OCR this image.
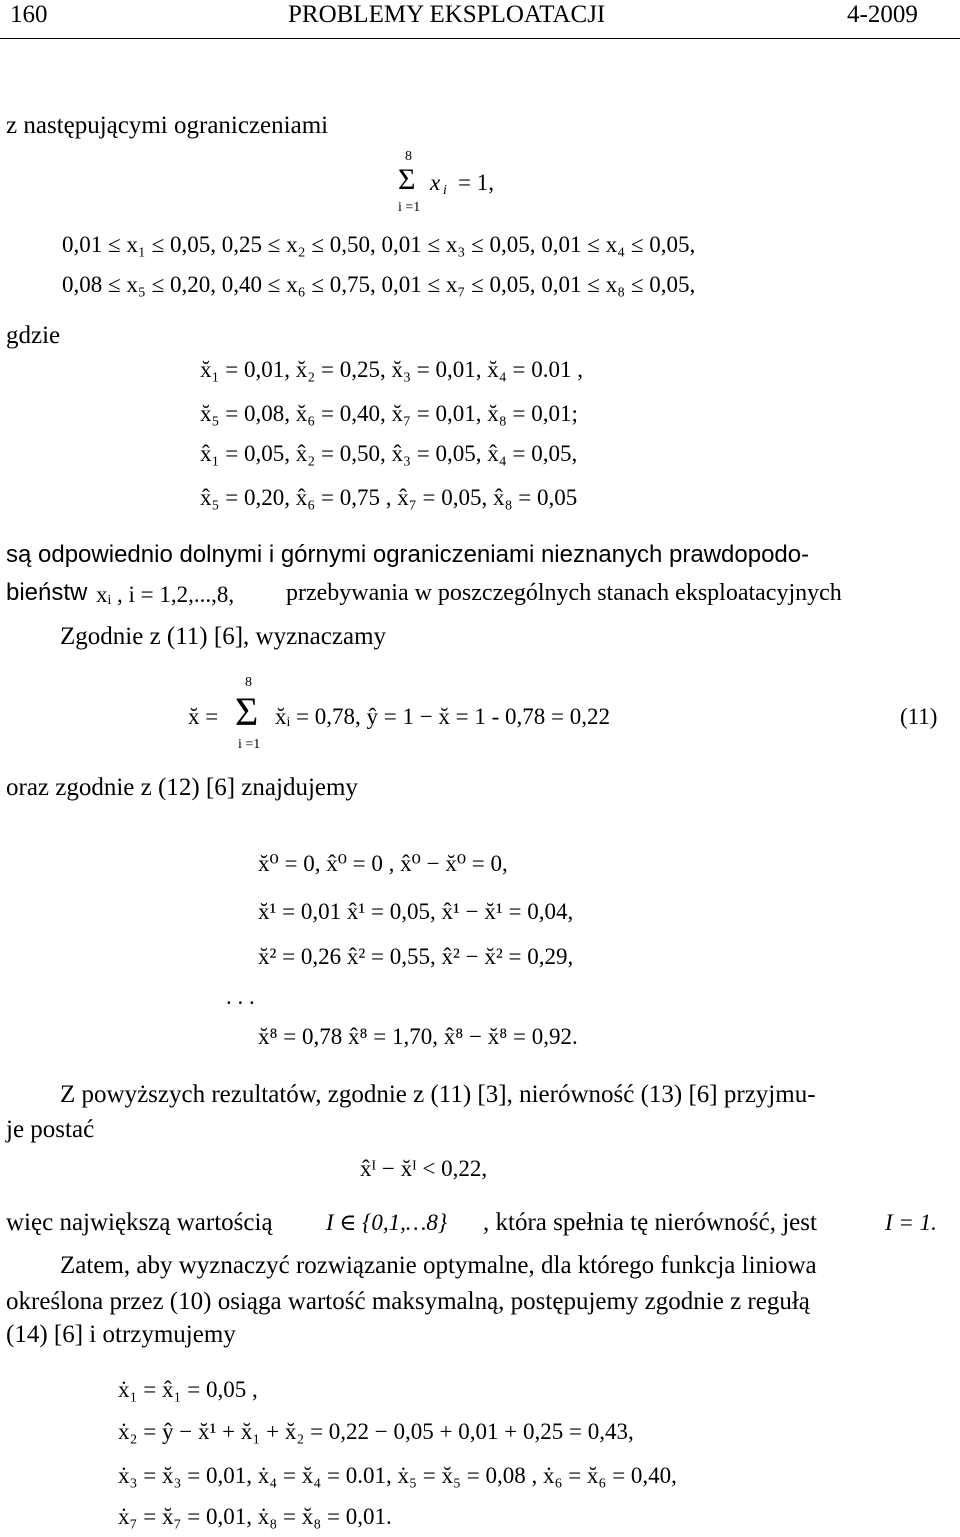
160	PROBLEMY EKSPLOATACJI	4-2009
z następującymi ograniczeniami
8
Σ x i = 1,
i =1
0,01 ≤ x₁ ≤ 0,05, 0,25 ≤ x₂ ≤ 0,50, 0,01 ≤ x₃ ≤ 0,05, 0,01 ≤ x₄ ≤ 0,05,
0,08 ≤ x₅ ≤ 0,20, 0,40 ≤ x₆ ≤ 0,75, 0,01 ≤ x₇ ≤ 0,05, 0,01 ≤ x₈ ≤ 0,05,
gdzie
x̆₁ = 0,01, x̆₂ = 0,25, x̆₃ = 0,01, x̆₄ = 0.01 ,
x̆₅ = 0,08, x̆₆ = 0,40, x̆₇ = 0,01, x̆₈ = 0,01;
x̂₁ = 0,05, x̂₂ = 0,50, x̂₃ = 0,05, x̂₄ = 0,05,
x̂₅ = 0,20, x̂₆ = 0,75 , x̂₇ = 0,05, x̂₈ = 0,05
są odpowiednio dolnymi i górnymi ograniczeniami nieznanych prawdopodo-
bieństw xᵢ , i = 1,2,...,8, przebywania w poszczególnych stanach eksploatacyjnych
Zgodnie z (11) [6], wyznaczamy
8
x̆ = Σ x̆ᵢ = 0,78, ŷ = 1 − x̆ = 1 - 0,78 = 0,22
i =1
(11)
oraz zgodnie z (12) [6] znajdujemy
x̆⁰ = 0, x̂⁰ = 0 , x̂⁰ − x̆⁰ = 0,
x̆¹ = 0,01 x̂¹ = 0,05, x̂¹ − x̆¹ = 0,04,
x̆² = 0,26 x̂² = 0,55, x̂² − x̆² = 0,29,
. . .
x̆⁸ = 0,78 x̂⁸ = 1,70, x̂⁸ − x̆⁸ = 0,92.
Z powyższych rezultatów, zgodnie z (11) [3], nierówność (13) [6] przyjmu-
je postać
x̂ᴵ − x̆ᴵ < 0,22,
więc największą wartością I ∈ {0,1,…8} , która spełnia tę nierówność, jest	I = 1.
Zatem, aby wyznaczyć rozwiązanie optymalne, dla którego funkcja liniowa
określona przez (10) osiąga wartość maksymalną, postępujemy zgodnie z regułą
(14) [6] i otrzymujemy
ẋ₁ = x̂₁ = 0,05 ,
ẋ₂ = ŷ − x̆¹ + x̆₁ + x̆₂ = 0,22 − 0,05 + 0,01 + 0,25 = 0,43,
ẋ₃ = x̆₃ = 0,01, ẋ₄ = x̆₄ = 0.01, ẋ₅ = x̆₅ = 0,08 , ẋ₆ = x̆₆ = 0,40,
ẋ₇ = x̆₇ = 0,01, ẋ₈ = x̆₈ = 0,01.
